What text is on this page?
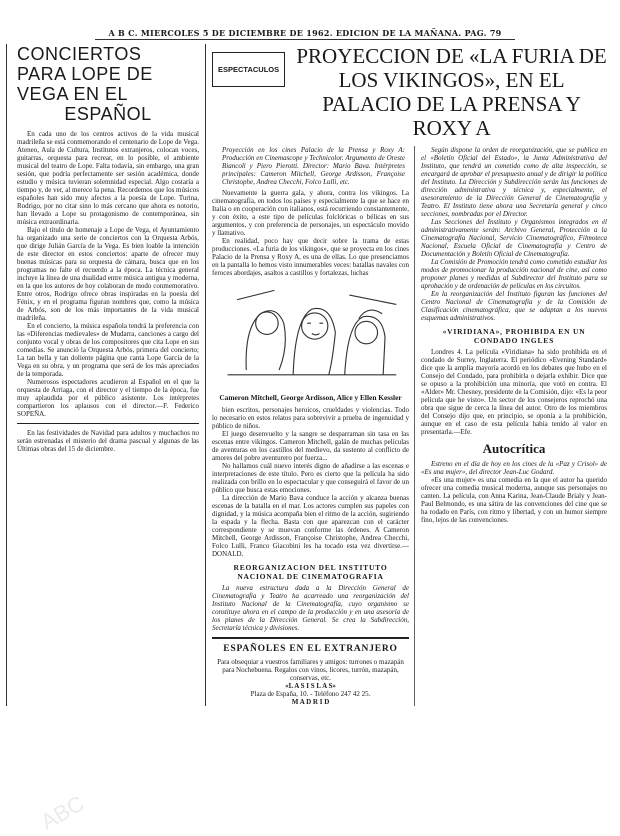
A B C. MIERCOLES 5 DE DICIEMBRE DE 1962. EDICION DE LA MAÑANA. PAG. 79
ABC
CONCIERTOS
PARA LOPE DE
VEGA EN EL
ESPAÑOL

En cada uno de los centros activos de la vida musical madrileña se está conmemorando el centenario de Lope de Vega. Ateneo, Aula de Cultura, Institutos extranjeros, colocan voces, guitarras, orquesta para recrear, en lo posible, el ambiente musical del teatro de Lope. Falta todavía, sin embargo, una gran sesión, que podría perfectamente ser sesión académica, donde estudio y música tuvieran solemnidad especial. Algo costaría a tiempo y, de ver, al merece la pena. Recordemos que los músicos españoles han sido muy afectos a la poesía de Lope. Turina, Rodrigo, por no citar sino lo más cercano que ahora es notorio, han llevado a Lope su protagonismo de contemporánea, sin música extraordinaria.

Bajo el título de homenaje a Lope de Vega, el Ayuntamiento ha organizado una serie de conciertos con la Orquesta Arbós, que dirige Julián García de la Vega. Es bien loable la intención de este director en estos conciertos: aparte de ofrecer muy buenas músicas para su orquesta de cámara, busca que en los programas no falte el recuerdo a la época. La técnica general incluye la línea de una dualidad entre música antigua y moderna, en la que los autores de hoy colaboran de modo conmemorativo. Entre otros, Rodrigo ofrece obras inspiradas en la poesía del Fénix, y en el programa figuran nombres que, como la música de Arbós, son de los más importantes de la vida musical madrileña.

En el concierto, la música española tendrá la preferencia con las «Diferencias medievales» de Mudarra, canciones a cargo del conjunto vocal y obras de los compositores que cita Lope en sus comedias. Se anunció la Orquesta Arbós, primera del concierto; La tan bella y tan doliente página que canta Lope García de la Vega en su obra, y un programa que será de los más apreciados de la temporada.

Numerosos espectadores acudieron al Español en el que la orquesta de Arriaga, con el director y el tiempo de la época, fue muy aplaudida por el público asistente. Los intérpretes compartieron los aplausos con el director.—F. Federico SOPEÑA.

En las festividades de Navidad para adultos y muchachos no serán estrenadas el misterio del drama pascual y algunas de las Últimas obras del 15 de diciembre.

ESPECTACULOS
PROYECCION DE «LA FURIA DE LOS VIKINGOS», EN EL PALACIO DE LA PRENSA Y ROXY A
Proyección en los cines Palacio de la Prensa y Roxy A: Producción en Cinemascope y Technicolor. Argumento de Oreste Biancoli y Piero Pierotti. Director: Mario Bava. Intérpretes principales: Cameron Mitchell, George Ardisson, Françoise Christophe, Andrea Checchi, Folco Lulli, etc.

Nuevamente la guerra gala, y ahora, contra los vikingos. La cinematografía, en todos los países y especialmente la que se hace en Italia o en cooperación con italianos, está recurriendo constantemente, y con éxito, a este tipo de películas folclóricas o bélicas en sus argumentos, y con preferencia de personajes, un espectáculo movido y llamativo.

En realidad, poco hay que decir sobre la trama de estas producciones. «La furia de los vikingos», que se proyecta en los cines Palacio de la Prensa y Roxy A, es una de ellas. Lo que presenciamos en la pantalla lo hemos visto innumerables veces: batallas navales con feroces abordajes, asaltos a castillos y fortalezas, luchas

Cameron Mitchell, George Ardisson, Alice y Ellen Kessler

bien escritos, personajes heroicos, crueldades y violencias. Todo lo necesario en estos relatos para sobrevivir a prueba de ingenuidad y público de niños.

El juego desenvuelto y la sangre se desparraman sin tasa en las escenas entre vikingos. Cameron Mitchell, galán de muchas películas de aventuras en los castillos del medievo, da sustento al conflicto de amores del pobre aventurero por fuerza...

No hallamos cuál nuevo interés digno de añadirse a las escenas e interpretaciones de este título. Pero es cierto que la película ha sido realizada con brillo en lo espectacular y que conseguirá el favor de un público que busca estas emociones.

La dirección de Mario Bava conduce la acción y alcanza buenas escenas de la batalla en el mar. Los actores cumplen sus papeles con dignidad, y la música acompaña bien el ritmo de la acción, sugiriendo la espada y la flecha. Basta con que aparezcan con el carácter correspondiente y se muevan conforme las órdenes. A Cameron Mitchell, George Ardisson, Françoise Christophe, Andrea Checchi, Folco Lulli, Franco Giacobini les ha tocado esta vez divertirse.—DONALD.

REORGANIZACION DEL INSTITUTO NACIONAL DE CINEMATOGRAFIA

La nueva estructura dada a la Dirección General de Cinematografía y Teatro ha acarreado una reorganización del Instituto Nacional de la Cinematografía, cuyo organismo se constituye ahora en el campo de la producción y en una asesoría de los planes de la Dirección General. Se crea la Subdirección, Secretaría técnica y divisiones.

ESPAÑOLES EN EL EXTRANJERO
Para obsequiar a vuestros familiares y amigos: turrones o mazapán para Nochebuena. Regalos con vinos, licores, turrón, mazapán, conservas, etc.
«L A S I S L A S»
Plaza de España, 10. - Teléfono 247 42 25.
M A D R I D

Según dispone la orden de reorganización, que se publica en el «Boletín Oficial del Estado», la Junta Administrativa del Instituto, que tendrá un cometido como de alta inspección, se encargará de aprobar el presupuesto anual y de dirigir la política del Instituto. La Dirección y Subdirección serán las funciones de dirección administrativa y técnica y, especialmente, el asesoramiento de la Dirección General de Cinematografía y Teatro. El Instituto tiene ahora una Secretaría general y cinco secciones, nombradas por el Director.

Las Secciones del Instituto y Organismos integrados en él administrativamente serán: Archivo General, Protección a la Cinematografía Nacional, Servicio Cinematográfico, Filmoteca Nacional, Escuela Oficial de Cinematografía y Centro de Documentación y Boletín Oficial de Cinematografía.

La Comisión de Promoción tendrá como cometido estudiar los modos de promocionar la producción nacional de cine, así como proponer planes y medidas al Subdirector del Instituto para su aprobación y de ordenación de películas en los circuitos.

En la reorganización del Instituto figuran las funciones del Centro Nacional de Cinematografía y de la Comisión de Clasificación cinematográfica, que se adaptan a los nuevos esquemas administrativos.

«VIRIDIANA», PROHIBIDA EN UN CONDADO INGLES

Londres 4. La película «Viridiana» ha sido prohibida en el condado de Surrey, Inglaterra. El periódico «Evening Standard» dice que la amplia mayoría acordó en los debates que hubo en el Consejo del Condado, para prohibirla o dejarla exhibir. Dice que se opuso a la prohibición una minoría, que votó en contra. El «Alder» Mr. Chesney, presidente de la Comisión, dijo: «Es la peor película que he visto». Un sector de los consejeros reprochó una obra que sigue de cerca la línea del autor. Otro de los miembros del Consejo dijo que, en principio, se oponía a la prohibición, aunque en el caso de esta película había tenido al valor en presentarla.—Efe.

Autocrítica

Estreno en el día de hoy en los cines de la «Paz y Crisol» de «Es una mujer», del director Jean-Luc Godard.

«Es una mujer» es una comedia en la que el autor ha querido ofrecer una comedia musical moderna, aunque sus personajes no canten. La película, con Anna Karina, Jean-Claude Brialy y Jean-Paul Belmondo, es una sátira de las convenciones del cine que se ha rodado en París, con ritmo y libertad, y con un humor siempre fino, lejos de las convenciones.
